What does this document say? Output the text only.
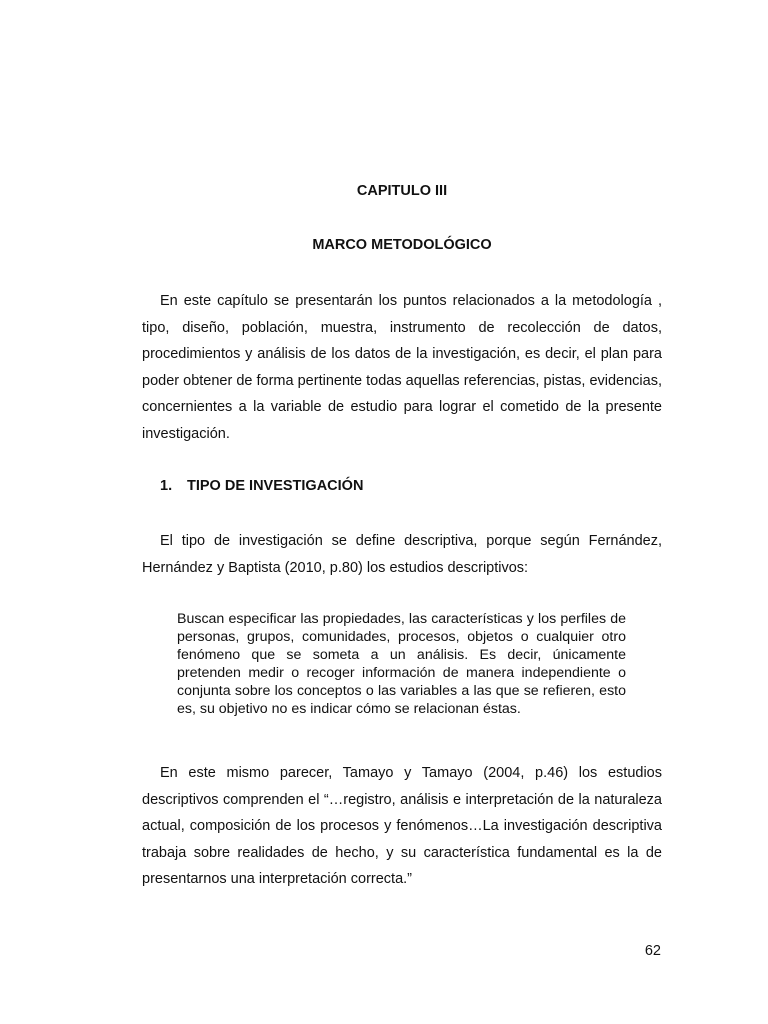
CAPITULO III

MARCO METODOLÓGICO

En este capítulo se presentarán los puntos relacionados a la metodología , tipo, diseño, población, muestra, instrumento de recolección de datos, procedimientos y análisis de los datos de la investigación, es decir, el plan para poder obtener de forma pertinente todas aquellas referencias, pistas, evidencias, concernientes a la variable de estudio para lograr el cometido de la presente investigación.

1. TIPO DE INVESTIGACIÓN

El tipo de investigación se define descriptiva, porque según Fernández, Hernández y Baptista (2010, p.80) los estudios descriptivos:

Buscan especificar las propiedades, las características y los perfiles de personas, grupos, comunidades, procesos, objetos o cualquier otro fenómeno que se someta a un análisis. Es decir, únicamente pretenden medir o recoger información de manera independiente o conjunta sobre los conceptos o las variables a las que se refieren, esto es, su objetivo no es indicar cómo se relacionan éstas.

En este mismo parecer, Tamayo y Tamayo (2004, p.46) los estudios descriptivos comprenden el “…registro, análisis e interpretación de la naturaleza actual, composición de los procesos y fenómenos…La investigación descriptiva trabaja sobre realidades de hecho, y su característica fundamental es la de presentarnos una interpretación correcta.”

62
